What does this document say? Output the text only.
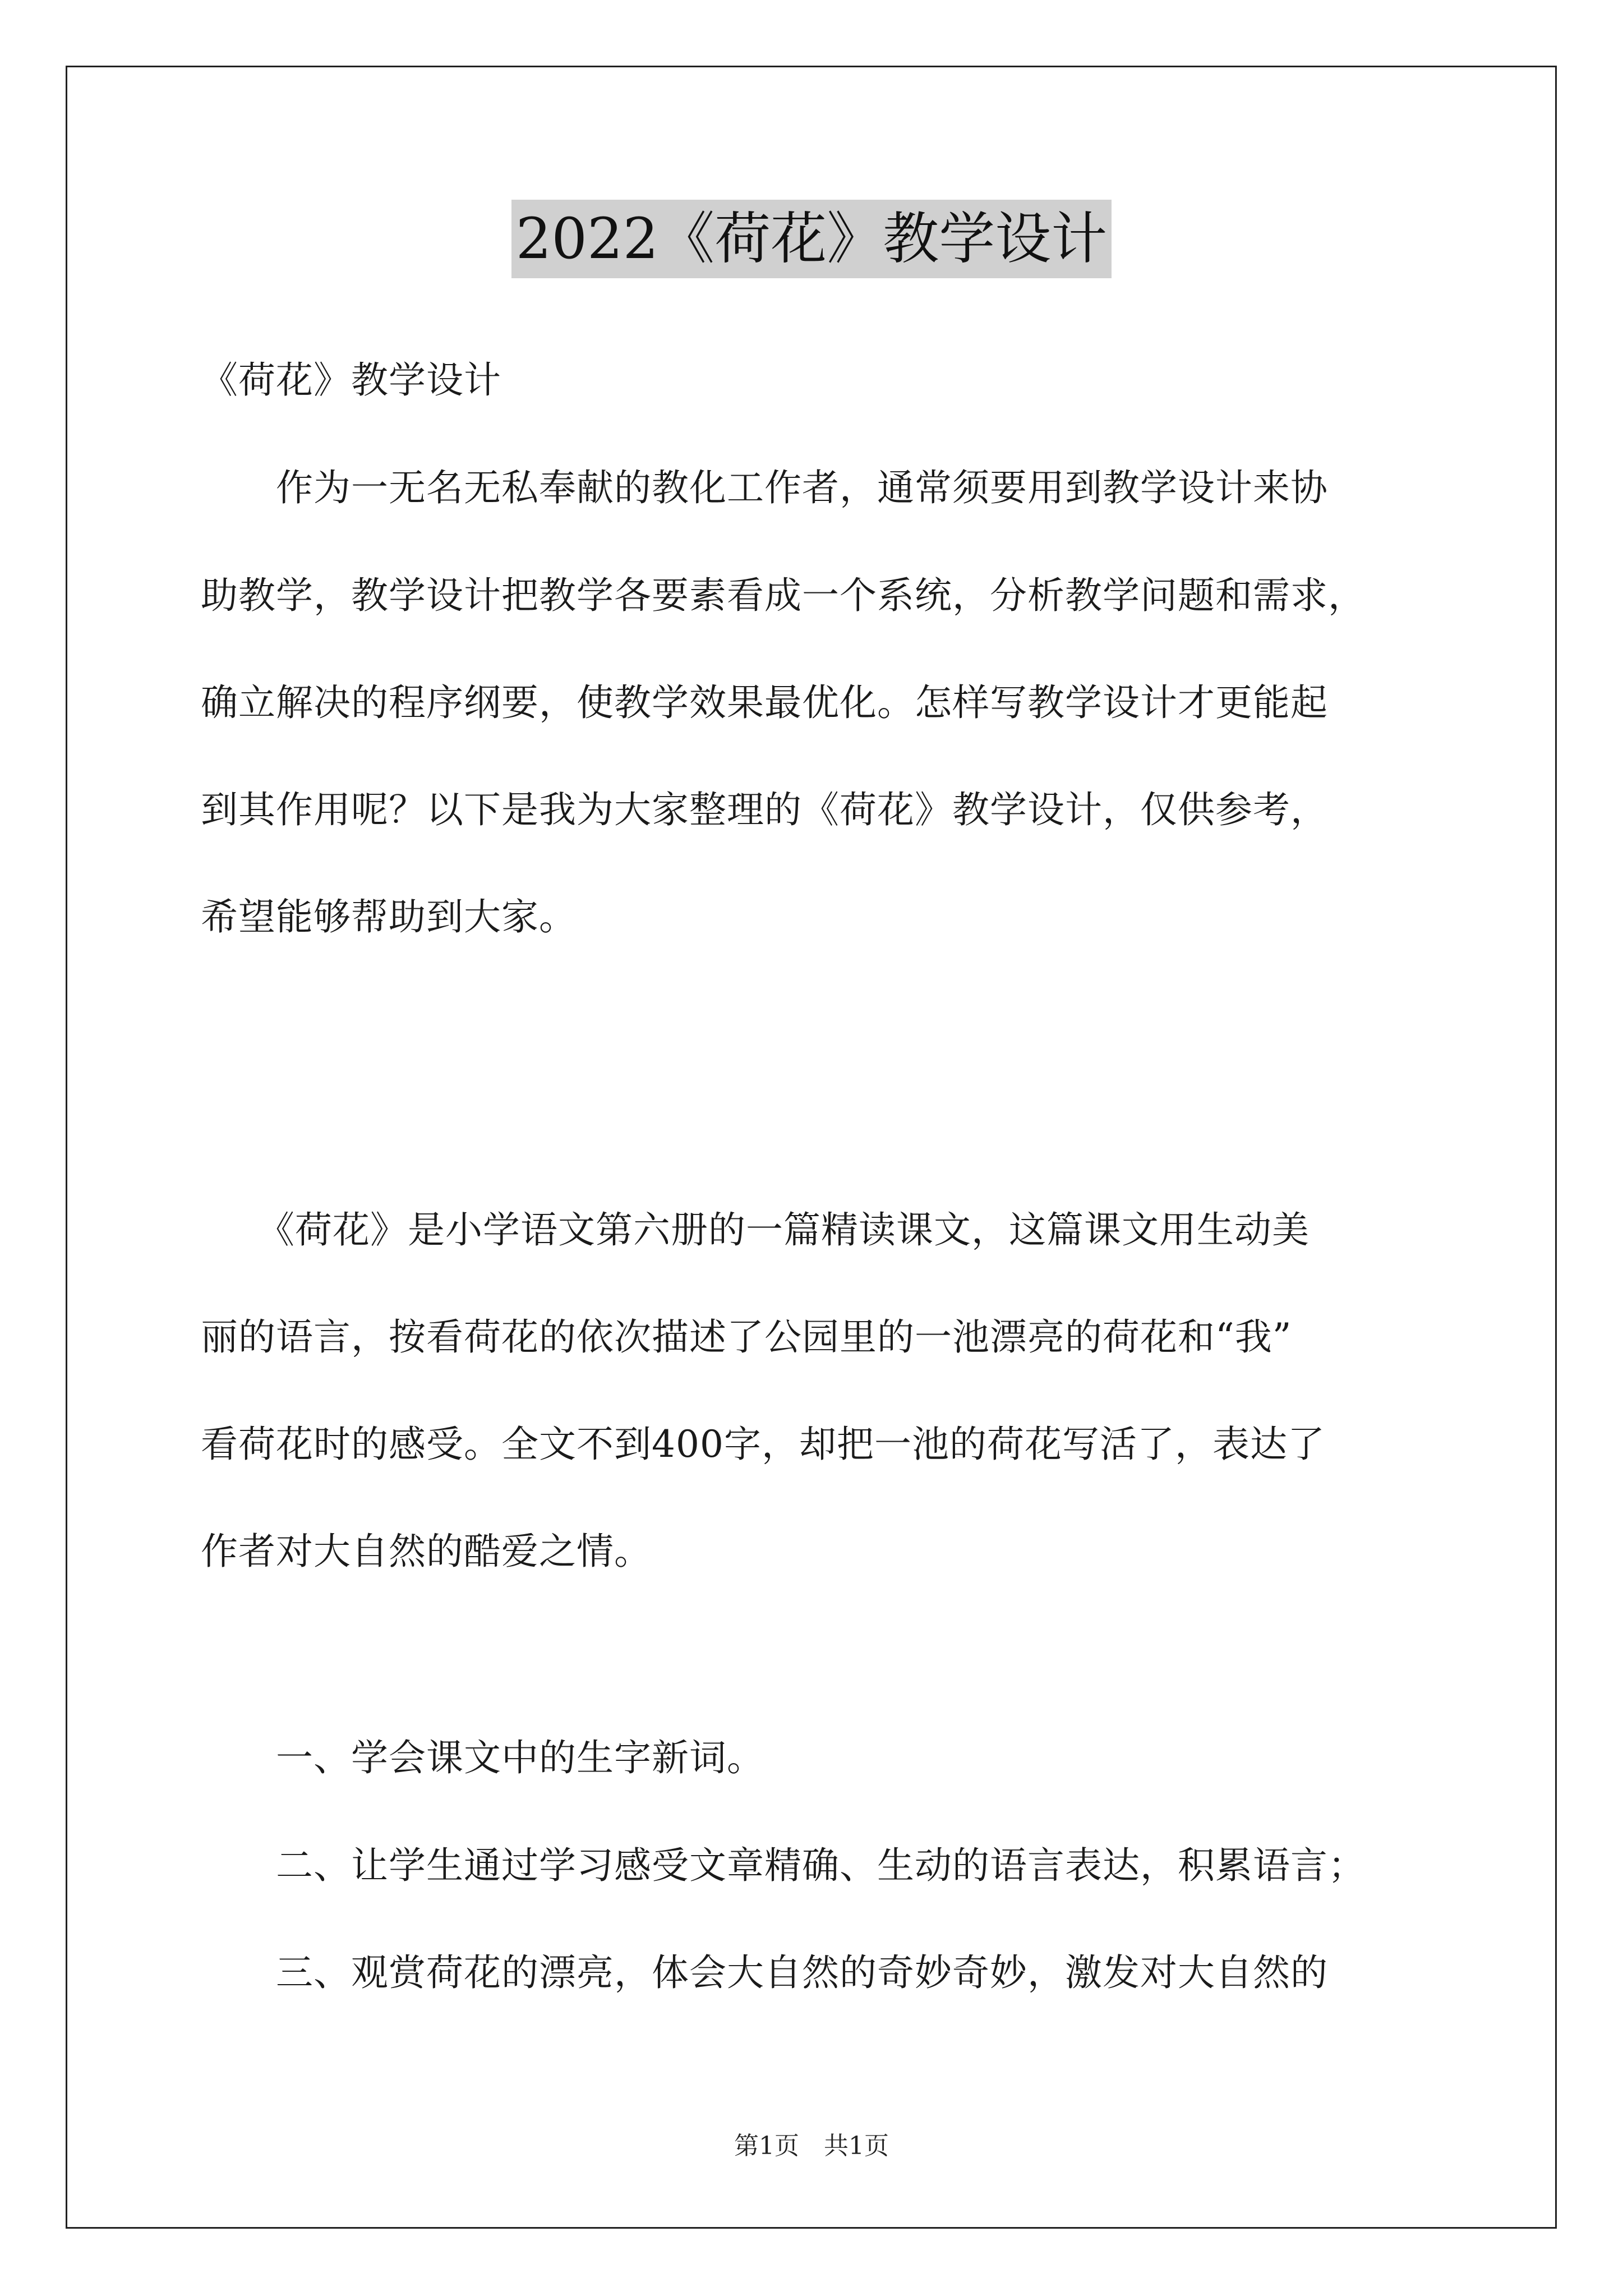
2022《荷花》教学设计
《荷花》教学设计
　　作为一无名无私奉献的教化工作者，通常须要用到教学设计来协
助教学，教学设计把教学各要素看成一个系统，分析教学问题和需求，
确立解决的程序纲要，使教学效果最优化。怎样写教学设计才更能起
到其作用呢？以下是我为大家整理的《荷花》教学设计，仅供参考，
希望能够帮助到大家。
　　《荷花》是小学语文第六册的一篇精读课文，这篇课文用生动美
丽的语言，按看荷花的依次描述了公园里的一池漂亮的荷花和“我”
看荷花时的感受。全文不到400字，却把一池的荷花写活了，表达了
作者对大自然的酷爱之情。
　　一、学会课文中的生字新词。
　　二、让学生通过学习感受文章精确、生动的语言表达，积累语言；
　　三、观赏荷花的漂亮，体会大自然的奇妙奇妙，激发对大自然的
第1页　共1页
